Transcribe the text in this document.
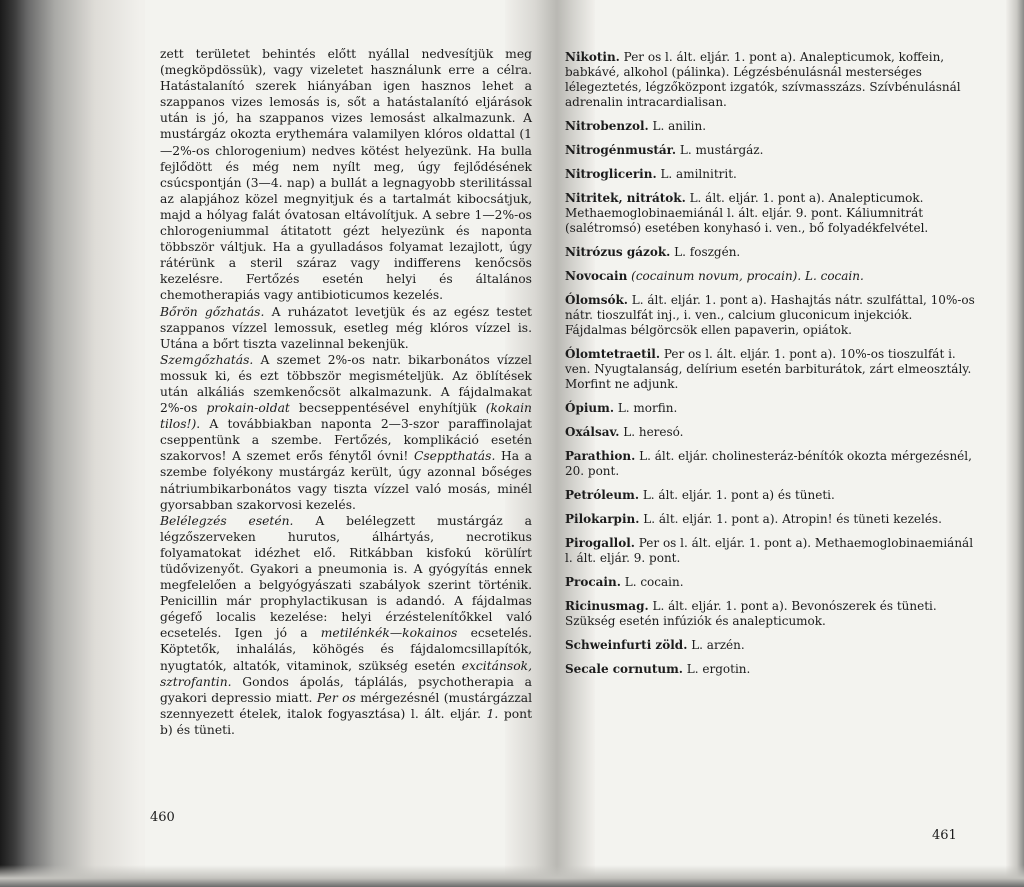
zett területet behintés előtt nyállal nedvesítjük meg (megköpdössük), vagy vizeletet használunk erre a célra. Hatástalanító szerek hiányában igen hasznos lehet a szappanos vizes lemosás is, sőt a hatástalanító eljárások után is jó, ha szappanos vizes lemosást alkalmazunk. A mustárgáz okozta erythemára valamilyen klóros oldattal (1—2%-os chlorogenium) nedves kötést helyezünk. Ha bulla fejlődött és még nem nyílt meg, úgy fejlődésének csúcspontján (3—4. nap) a bullát a legnagyobb sterilitással az alapjához közel megnyitjuk és a tartalmát kibocsátjuk, majd a hólyag falát óvatosan eltávolítjuk. A sebre 1—2%-os chlorogeniummal átitatott gézt helyezünk és naponta többször váltjuk. Ha a gyulladásos folyamat lezajlott, úgy rátérünk a steril száraz vagy indifferens kenőcsös kezelésre. Fertőzés esetén helyi és általános chemotherapiás vagy antibioticumos kezelés.

Bőrön gőzhatás. A ruházatot levetjük és az egész testet szappanos vízzel lemossuk, esetleg még klóros vízzel is. Utána a bőrt tiszta vazelinnal bekenjük.

Szemgőzhatás. A szemet 2%-os natr. bikarbonátos vízzel mossuk ki, és ezt többször megismételjük. Az öblítések után alkáliás szemkenőcsöt alkalmazunk. A fájdalmakat 2%-os prokain-oldat becseppentésével enyhítjük (kokain tilos!). A továbbiakban naponta 2—3-szor paraffinolajat cseppentünk a szembe. Fertőzés, komplikáció esetén szakorvos! A szemet erős fénytől óvni! Cseppthatás. Ha a szembe folyékony mustárgáz került, úgy azonnal bőséges nátriumbikarbonátos vagy tiszta vízzel való mosás, minél gyorsabban szakorvosi kezelés.

Belélegzés esetén. A belélegzett mustárgáz a légzőszerveken hurutos, álhártyás, necrotikus folyamatokat idézhet elő. Ritkábban kisfokú körülírt tüdővizenyőt. Gyakori a pneumonia is. A gyógyítás ennek megfelelően a belgyógyászati szabályok szerint történik. Penicillin már prophylactikusan is adandó. A fájdalmas gégefő localis kezelése: helyi érzéstelenítőkkel való ecsetelés. Igen jó a metilénkék—kokainos ecsetelés. Köptetők, inhalálás, köhögés és fájdalomcsillapítók, nyugtatók, altatók, vitaminok, szükség esetén excitánsok, sztrofantin. Gondos ápolás, táplálás, psychotherapia a gyakori depressio miatt. Per os mérgezésnél (mustárgázzal szennyezett ételek, italok fogyasztása) l. ált. eljár. 1. pont b) és tüneti.

460
Nikotin. Per os l. ált. eljár. 1. pont a). Analepticumok, koffein, babkávé, alkohol (pálinka). Légzésbénulásnál mesterséges lélegeztetés, légzőközpont izgatók, szívmasszázs. Szívbénulásnál adrenalin intracardialisan.
Nitrobenzol. L. anilin.
Nitrogénmustár. L. mustárgáz.
Nitroglicerin. L. amilnitrit.
Nitritek, nitrátok. L. ált. eljár. 1. pont a). Analepticumok. Methaemoglobinaemiánál l. ált. eljár. 9. pont. Káliumnitrát (salétromsó) esetében konyhasó i. ven., bő folyadékfelvétel.
Nitrózus gázok. L. foszgén.
Novocain (cocainum novum, procain). L. cocain.
Ólomsók. L. ált. eljár. 1. pont a). Hashajtás nátr. szulfáttal, 10%-os nátr. tioszulfát inj., i. ven., calcium gluconicum injekciók. Fájdalmas bélgörcsök ellen papaverin, opiátok.
Ólomtetraetil. Per os l. ált. eljár. 1. pont a). 10%-os tioszulfát i. ven. Nyugtalanság, delírium esetén barbiturátok, zárt elmeosztály. Morfint ne adjunk.
Ópium. L. morfin.
Oxálsav. L. heresó.
Parathion. L. ált. eljár. cholinesteráz-bénítók okozta mérgezésnél, 20. pont.
Petróleum. L. ált. eljár. 1. pont a) és tüneti.
Pilokarpin. L. ált. eljár. 1. pont a). Atropin! és tüneti kezelés.
Pirogallol. Per os l. ált. eljár. 1. pont a). Methaemoglobinaemiánál l. ált. eljár. 9. pont.
Procain. L. cocain.
Ricinusmag. L. ált. eljár. 1. pont a). Bevonószerek és tüneti. Szükség esetén infúziók és analepticumok.
Schweinfurti zöld. L. arzén.
Secale cornutum. L. ergotin.
461
